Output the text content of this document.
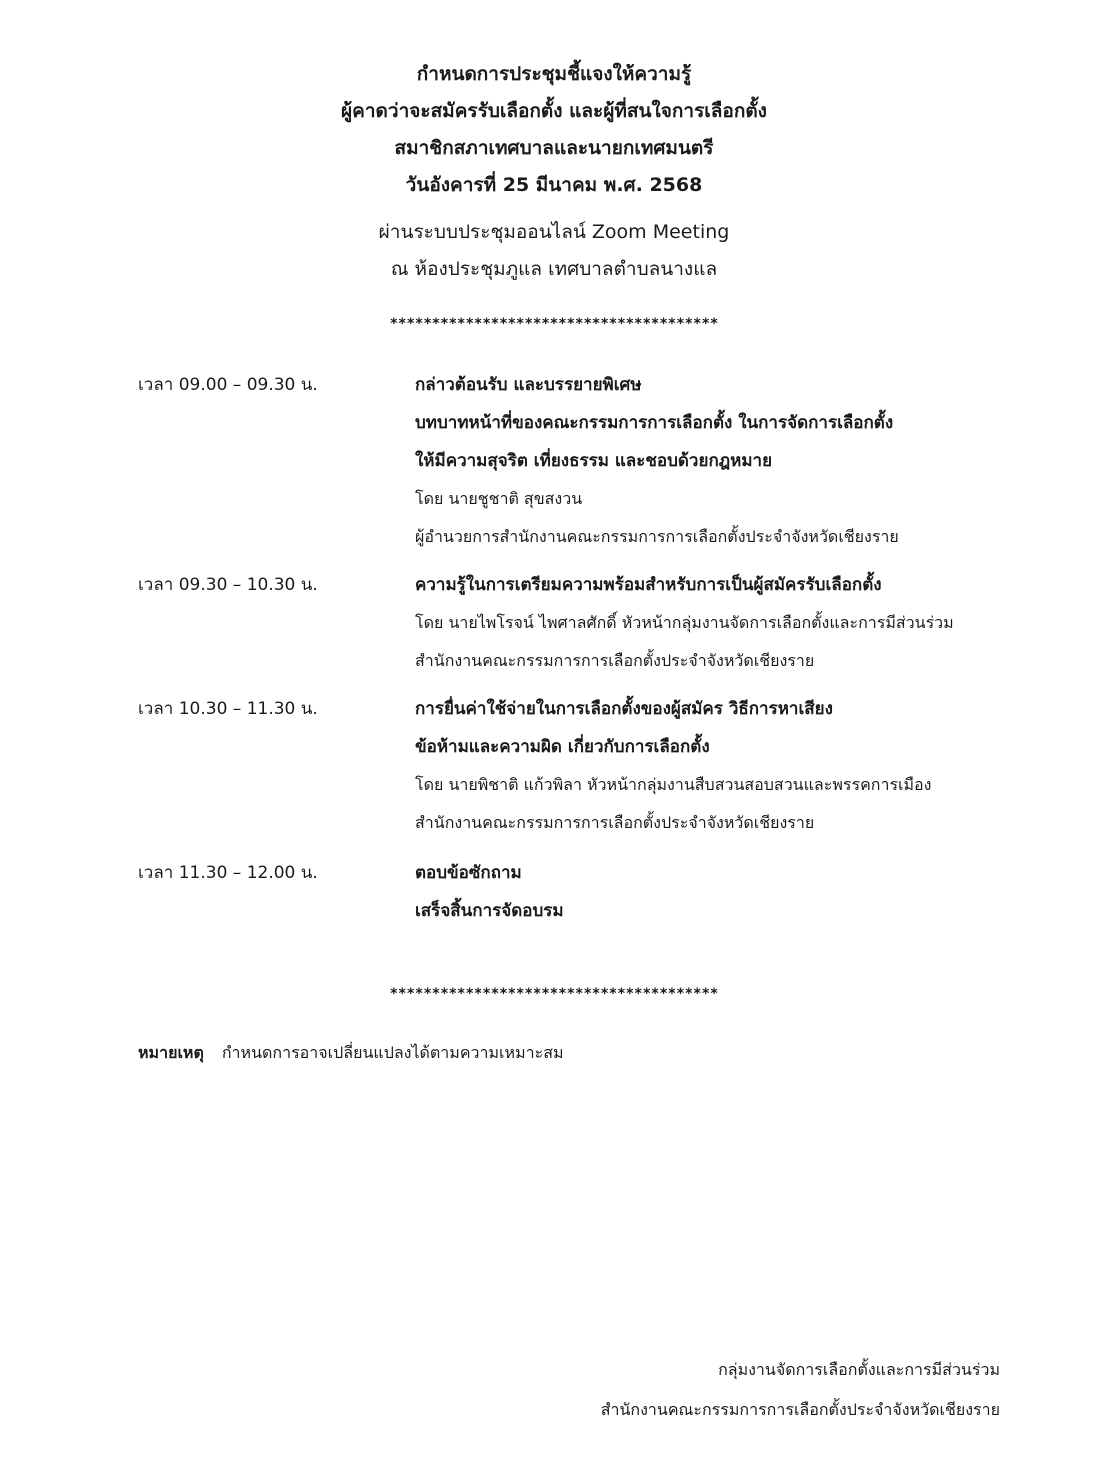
กำหนดการประชุมชี้แจงให้ความรู้
ผู้คาดว่าจะสมัครรับเลือกตั้ง และผู้ที่สนใจการเลือกตั้ง
สมาชิกสภาเทศบาลและนายกเทศมนตรี
วันอังคารที่ 25 มีนาคม พ.ศ. 2568
ผ่านระบบประชุมออนไลน์ Zoom Meeting
ณ ห้องประชุมภูแล เทศบาลตำบลนางแล
***************************************
เวลา 09.00 – 09.30 น.	กล่าวต้อนรับ และบรรยายพิเศษ
บทบาทหน้าที่ของคณะกรรมการการเลือกตั้ง ในการจัดการเลือกตั้ง
ให้มีความสุจริต เที่ยงธรรม และชอบด้วยกฎหมาย
โดย นายชูชาติ สุขสงวน
ผู้อำนวยการสำนักงานคณะกรรมการการเลือกตั้งประจำจังหวัดเชียงราย
เวลา 09.30 – 10.30 น.	ความรู้ในการเตรียมความพร้อมสำหรับการเป็นผู้สมัครรับเลือกตั้ง
โดย นายไพโรจน์ ไพศาลศักดิ์ หัวหน้ากลุ่มงานจัดการเลือกตั้งและการมีส่วนร่วม
สำนักงานคณะกรรมการการเลือกตั้งประจำจังหวัดเชียงราย
เวลา 10.30 – 11.30 น.	การยื่นค่าใช้จ่ายในการเลือกตั้งของผู้สมัคร วิธีการหาเสียง
ข้อห้ามและความผิด เกี่ยวกับการเลือกตั้ง
โดย นายพิชาติ แก้วพิลา หัวหน้ากลุ่มงานสืบสวนสอบสวนและพรรคการเมือง
สำนักงานคณะกรรมการการเลือกตั้งประจำจังหวัดเชียงราย
เวลา 11.30 – 12.00 น.	ตอบข้อซักถาม
เสร็จสิ้นการจัดอบรม
***************************************
หมายเหตุ กำหนดการอาจเปลี่ยนแปลงได้ตามความเหมาะสม
กลุ่มงานจัดการเลือกตั้งและการมีส่วนร่วม
สำนักงานคณะกรรมการการเลือกตั้งประจำจังหวัดเชียงราย
